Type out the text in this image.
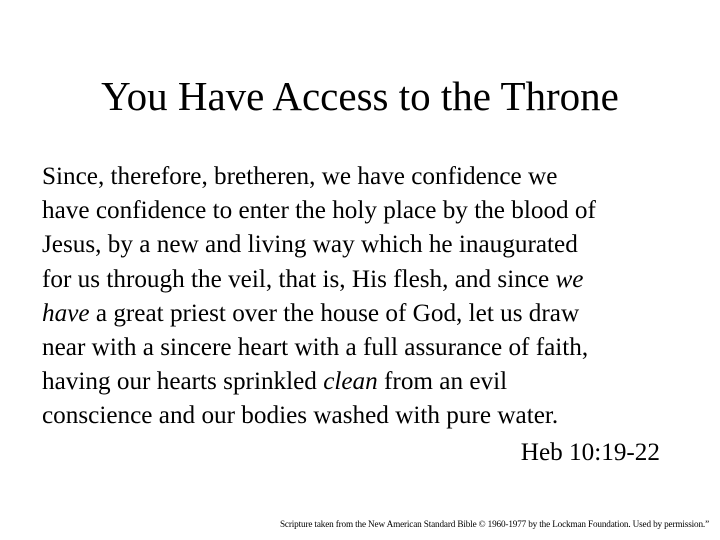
You Have Access to the Throne
Since, therefore, bretheren, we have confidence we
have confidence to enter the holy place by the blood of
Jesus, by a new and living way which he inaugurated
for us through the veil, that is, His flesh, and since we
have a great priest over the house of God, let us draw
near with a sincere heart with a full assurance of faith,
having our hearts sprinkled clean from an evil
conscience and our bodies washed with pure water.
Heb 10:19-22
Scripture taken from the New American Standard Bible © 1960-1977 by the Lockman Foundation. Used by permission.”
